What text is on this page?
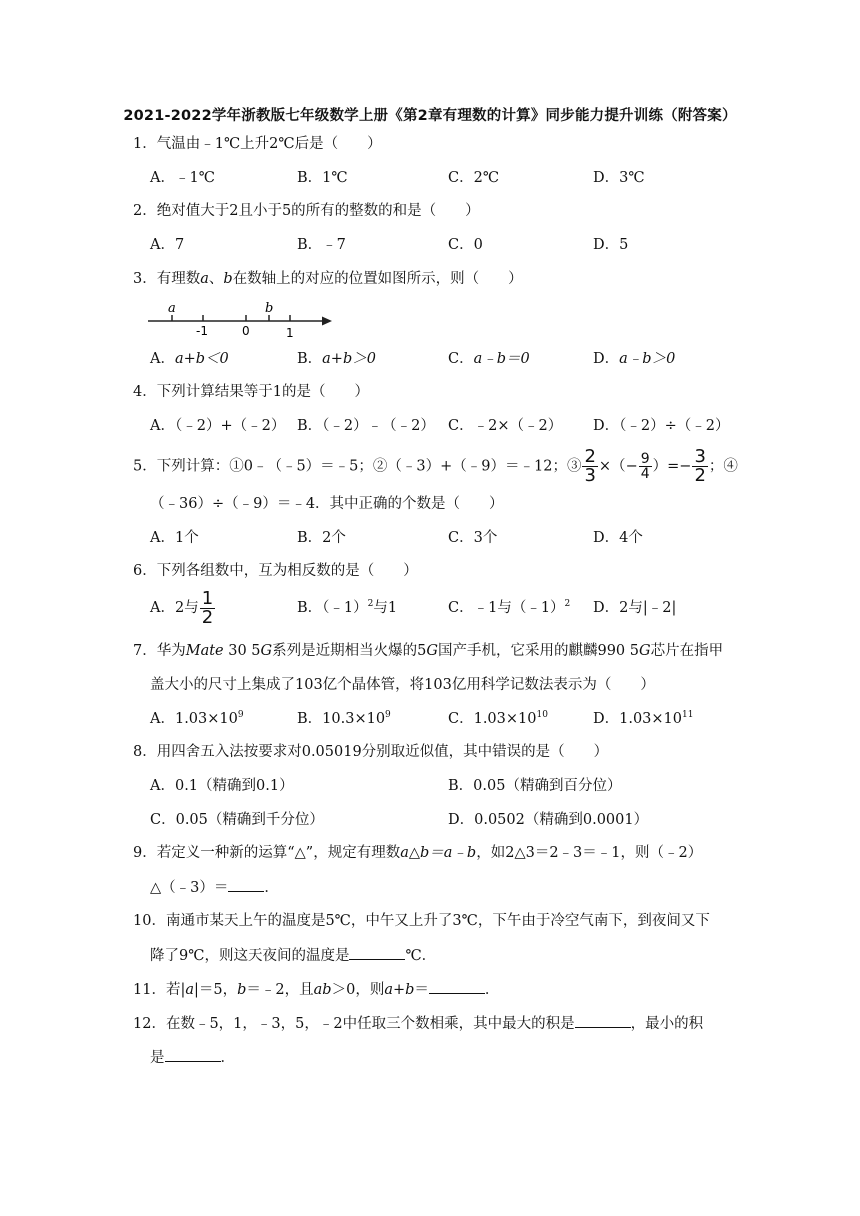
2021-2022学年浙教版七年级数学上册《第2章有理数的计算》同步能力提升训练（附答案）
1．气温由﹣1℃上升2℃后是（　　）
A．﹣1℃	B．1℃	C．2℃	D．3℃
2．绝对值大于2且小于5的所有的整数的和是（　　）
A．7	B．﹣7	C．0	D．5
3．有理数a、b在数轴上的对应的位置如图所示，则（　　）
a	b
-1	0	1
A．a+b＜0	B．a+b＞0	C．a﹣b＝0	D．a﹣b＞0
4．下列计算结果等于1的是（　　）
A．（﹣2）+（﹣2） B．（﹣2）﹣（﹣2） C．﹣2×（﹣2） D．（﹣2）÷（﹣2）
5．下列计算：①0﹣（﹣5）＝﹣5；②（﹣3）+（﹣9）＝﹣12；③ $\frac{2}{3}$ ×（− $\frac{9}{4}$ ）=− $\frac{3}{2}$ ；④
（﹣36）÷（﹣9）＝﹣4．其中正确的个数是（　　）
A．1个	B．2个	C．3个	D．4个
6．下列各组数中，互为相反数的是（　　）
A．2与 $\frac{1}{2}$	B．（﹣1）$^2$与1	C．﹣1与（﹣1）$^2$ D．2与|﹣2|
7．华为Mate 30 5G系列是近期相当火爆的5G国产手机，它采用的麒麟990 5G芯片在指甲
盖大小的尺寸上集成了103亿个晶体管，将103亿用科学记数法表示为（　　）
A．$1.03\times 10^9$	B．$10.3\times 10^9$	C．$1.03\times 10^{10}$	D．$1.03\times 10^{11}$
8．用四舍五入法按要求对0.05019分别取近似值，其中错误的是（　　）
A．0.1（精确到0.1）	B．0.05（精确到百分位）
C．0.05（精确到千分位）	D．0.0502（精确到0.0001）
9．若定义一种新的运算“△”，规定有理数a△b＝a﹣b，如2△3＝2﹣3＝﹣1，则（﹣2）
△（﹣3）＝ ．
10．南通市某天上午的温度是5℃，中午又上升了3℃，下午由于冷空气南下，到夜间又下
降了9℃，则这天夜间的温度是	℃．
11．若|a|＝5，b＝﹣2，且ab＞0，则a+b＝	．
12．在数﹣5，1，﹣3，5，﹣2中任取三个数相乘，其中最大的积是	，最小的积
是	．
